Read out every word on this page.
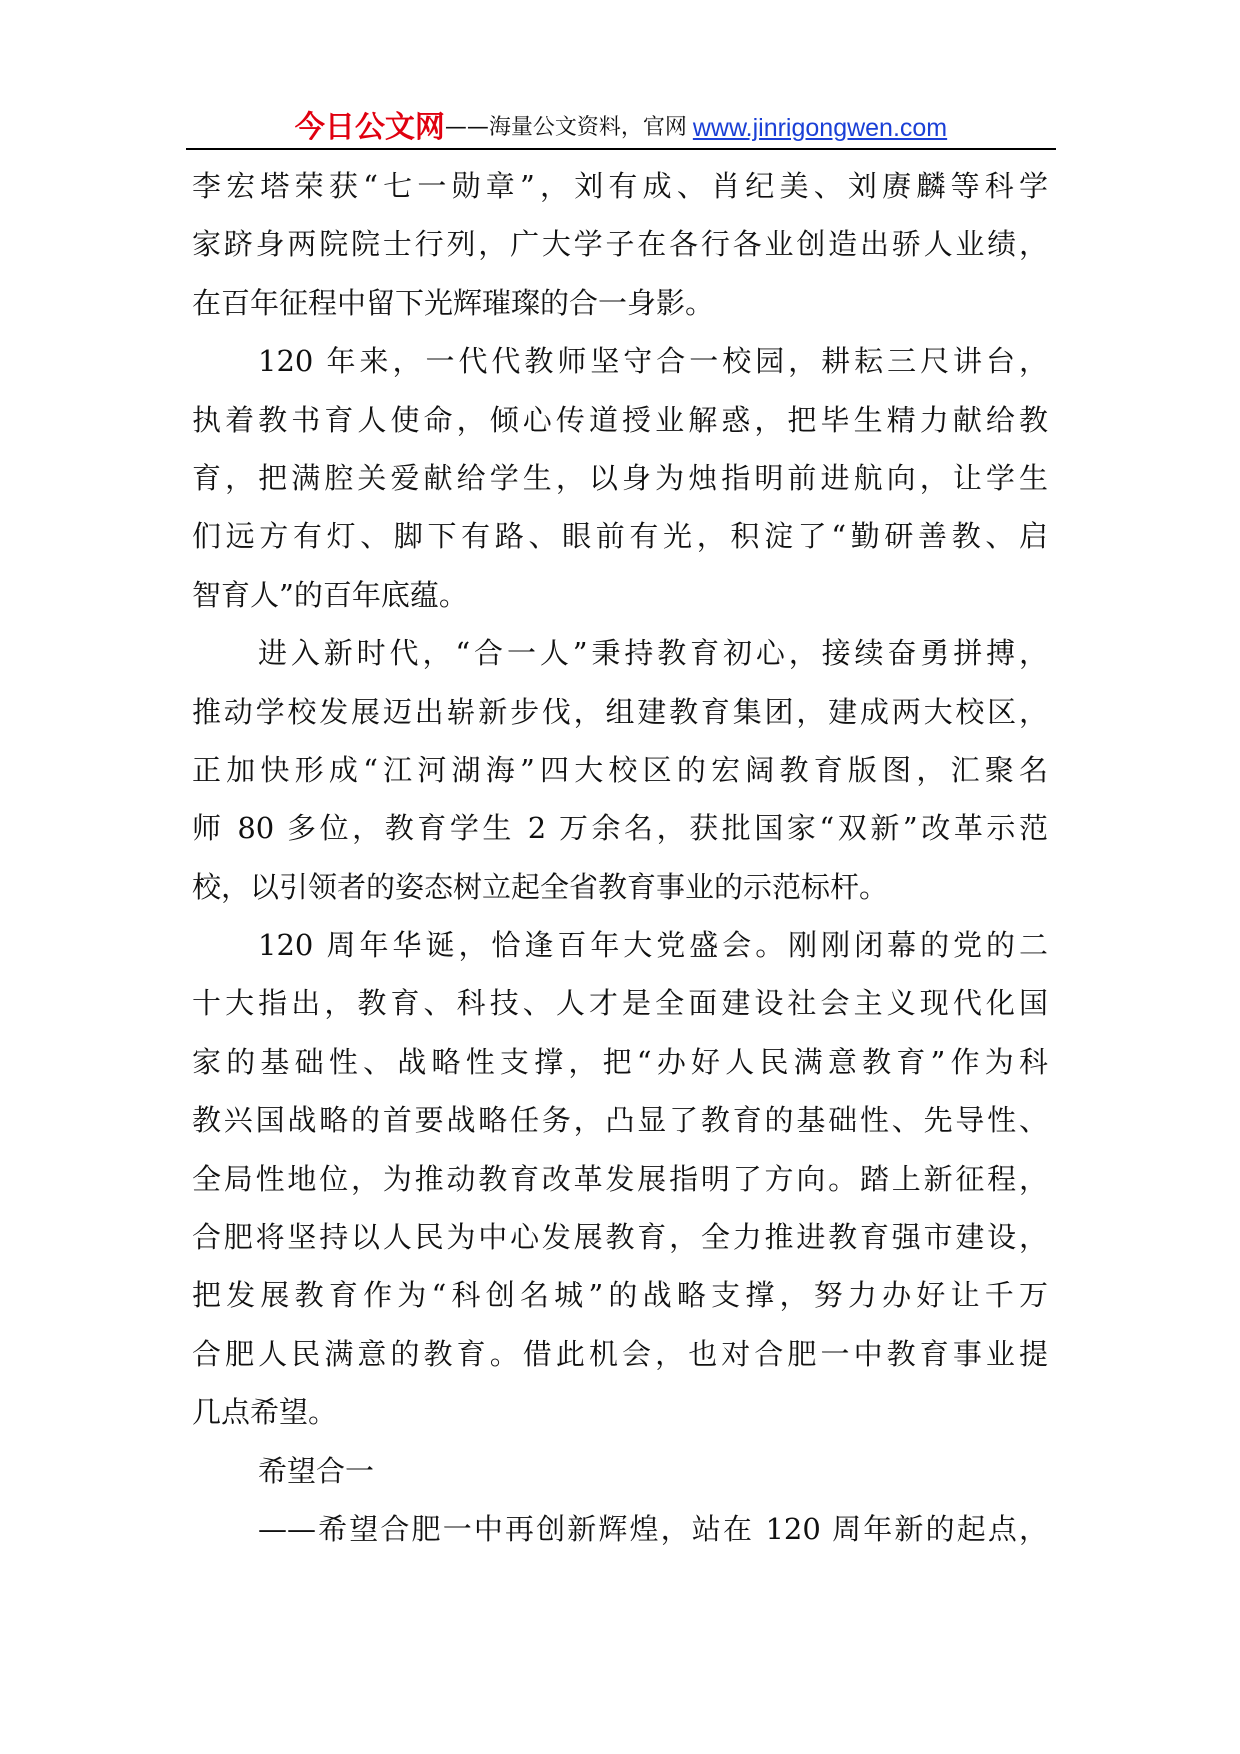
今日公文网 —— 海量公文资料，官网 www.jinrigongwen.com
李宏塔荣获“七一勋章”，刘有成、肖纪美、刘赓麟等科学
家跻身两院院士行列，广大学子在各行各业创造出骄人业绩，
在百年征程中留下光辉璀璨的合一身影。
120 年来，一代代教师坚守合一校园，耕耘三尺讲台，
执着教书育人使命，倾心传道授业解惑，把毕生精力献给教
育，把满腔关爱献给学生，以身为烛指明前进航向，让学生
们远方有灯、脚下有路、眼前有光，积淀了“勤研善教、启
智育人”的百年底蕴。
进入新时代，“合一人”秉持教育初心，接续奋勇拼搏，
推动学校发展迈出崭新步伐，组建教育集团，建成两大校区，
正加快形成“江河湖海”四大校区的宏阔教育版图，汇聚名
师 80 多位，教育学生 2 万余名，获批国家“双新”改革示范
校，以引领者的姿态树立起全省教育事业的示范标杆。
120 周年华诞，恰逢百年大党盛会。刚刚闭幕的党的二
十大指出，教育、科技、人才是全面建设社会主义现代化国
家的基础性、战略性支撑，把“办好人民满意教育”作为科
教兴国战略的首要战略任务，凸显了教育的基础性、先导性、
全局性地位，为推动教育改革发展指明了方向。踏上新征程，
合肥将坚持以人民为中心发展教育，全力推进教育强市建设，
把发展教育作为“科创名城”的战略支撑，努力办好让千万
合肥人民满意的教育。借此机会，也对合肥一中教育事业提
几点希望。
希望合一
——希望合肥一中再创新辉煌，站在 120 周年新的起点，
